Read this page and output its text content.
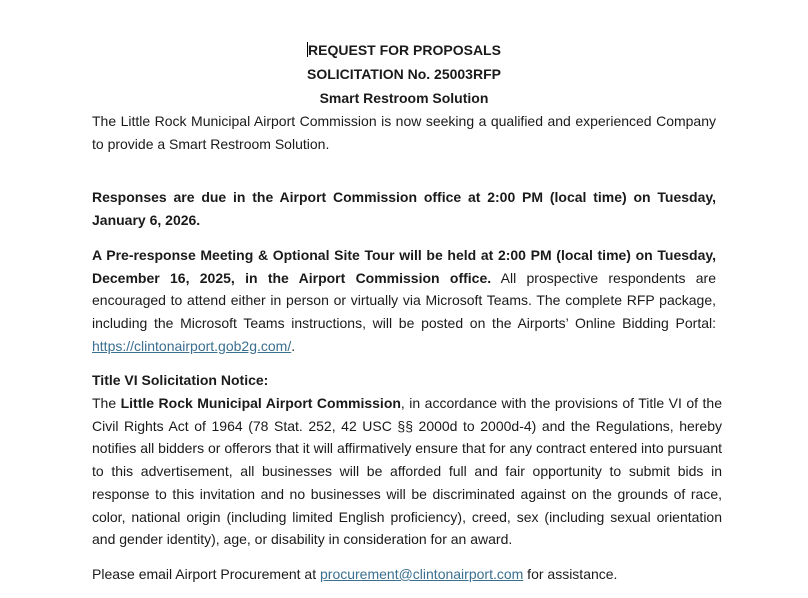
REQUEST FOR PROPOSALS
SOLICITATION No. 25003RFP
Smart Restroom Solution

The Little Rock Municipal Airport Commission is now seeking a qualified and experienced Company to provide a Smart Restroom Solution.

Responses are due in the Airport Commission office at 2:00 PM (local time) on Tuesday, January 6, 2026.

A Pre-response Meeting & Optional Site Tour will be held at 2:00 PM (local time) on Tuesday, December 16, 2025, in the Airport Commission office. All prospective respondents are encouraged to attend either in person or virtually via Microsoft Teams. The complete RFP package, including the Microsoft Teams instructions, will be posted on the Airports’ Online Bidding Portal: https://clintonairport.gob2g.com/.

Title VI Solicitation Notice:

The Little Rock Municipal Airport Commission, in accordance with the provisions of Title VI of the Civil Rights Act of 1964 (78 Stat. 252, 42 USC §§ 2000d to 2000d-4) and the Regulations, hereby notifies all bidders or offerors that it will affirmatively ensure that for any contract entered into pursuant to this advertisement, all businesses will be afforded full and fair opportunity to submit bids in response to this invitation and no businesses will be discriminated against on the grounds of race, color, national origin (including limited English proficiency), creed, sex (including sexual orientation and gender identity), age, or disability in consideration for an award.

Please email Airport Procurement at procurement@clintonairport.com for assistance.
